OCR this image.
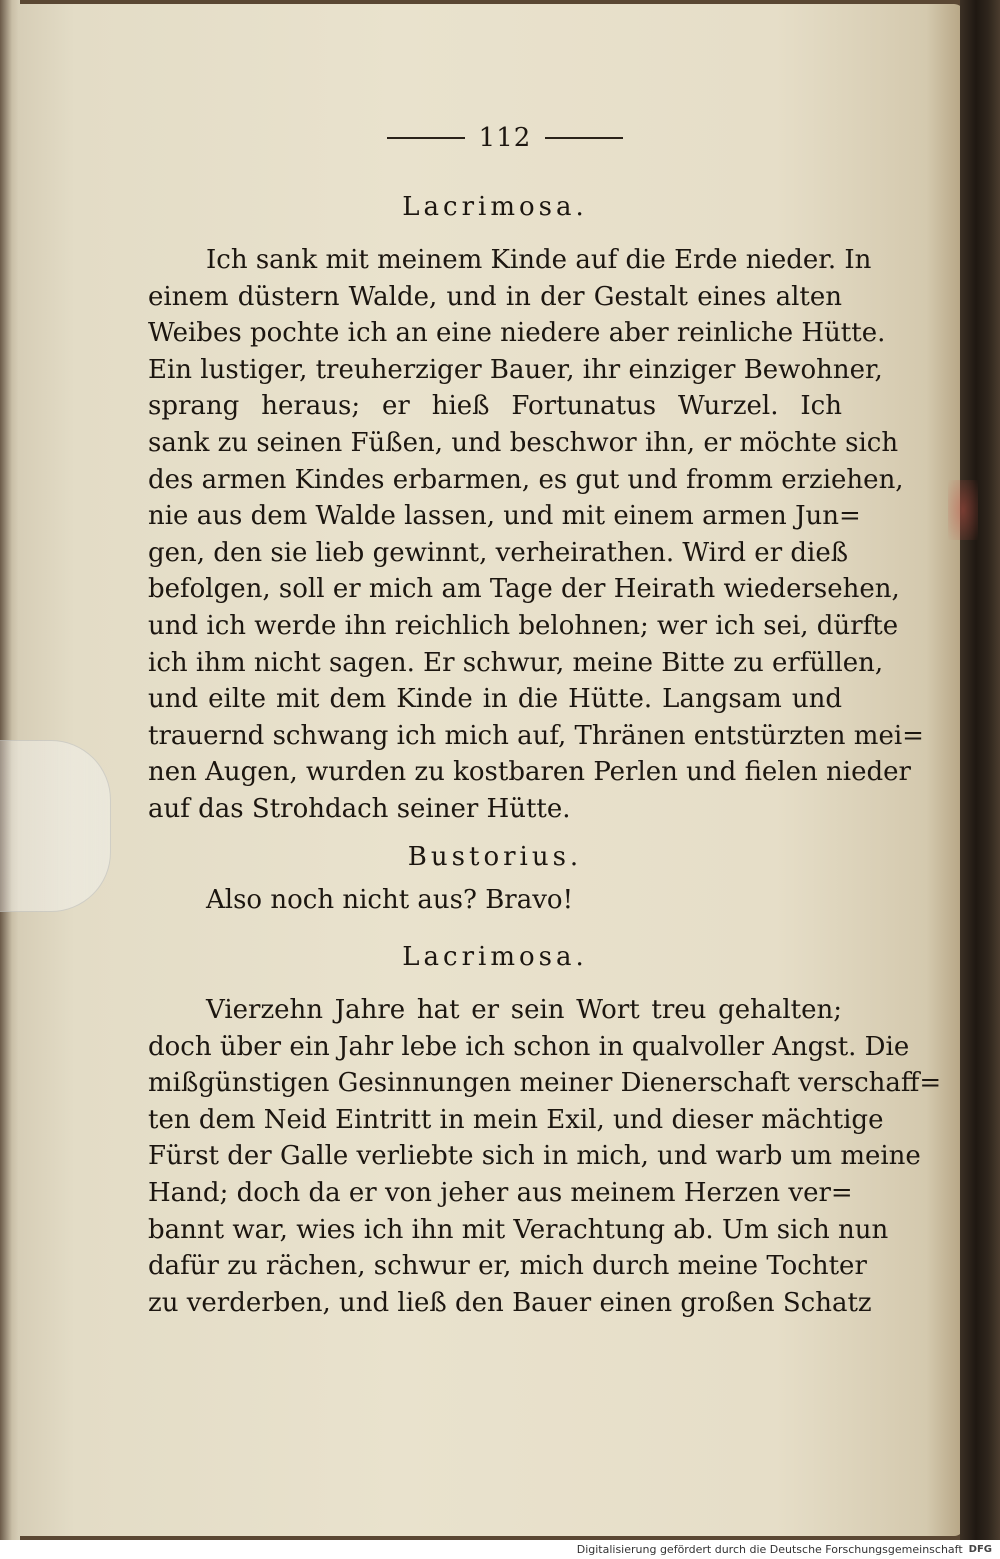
112
Lacrimosa.
Ich sank mit meinem Kinde auf die Erde nieder. In
einem düstern Walde, und in der Gestalt eines alten
Weibes pochte ich an eine niedere aber reinliche Hütte.
Ein lustiger, treuherziger Bauer, ihr einziger Bewohner,
sprang heraus; er hieß Fortunatus Wurzel. Ich
sank zu seinen Füßen, und beschwor ihn, er möchte sich
des armen Kindes erbarmen, es gut und fromm erziehen,
nie aus dem Walde lassen, und mit einem armen Jun=
gen, den sie lieb gewinnt, verheirathen. Wird er dieß
befolgen, soll er mich am Tage der Heirath wiedersehen,
und ich werde ihn reichlich belohnen; wer ich sei, dürfte
ich ihm nicht sagen. Er schwur, meine Bitte zu erfüllen,
und eilte mit dem Kinde in die Hütte. Langsam und
trauernd schwang ich mich auf, Thränen entstürzten mei=
nen Augen, wurden zu kostbaren Perlen und fielen nieder
auf das Strohdach seiner Hütte.
Bustorius.
Also noch nicht aus? Bravo!
Lacrimosa.
Vierzehn Jahre hat er sein Wort treu gehalten;
doch über ein Jahr lebe ich schon in qualvoller Angst. Die
mißgünstigen Gesinnungen meiner Dienerschaft verschaff=
ten dem Neid Eintritt in mein Exil, und dieser mächtige
Fürst der Galle verliebte sich in mich, und warb um meine
Hand; doch da er von jeher aus meinem Herzen ver=
bannt war, wies ich ihn mit Verachtung ab. Um sich nun
dafür zu rächen, schwur er, mich durch meine Tochter
zu verderben, und ließ den Bauer einen großen Schatz
Digitalisierung gefördert durch die Deutsche Forschungsgemeinschaft DFG
